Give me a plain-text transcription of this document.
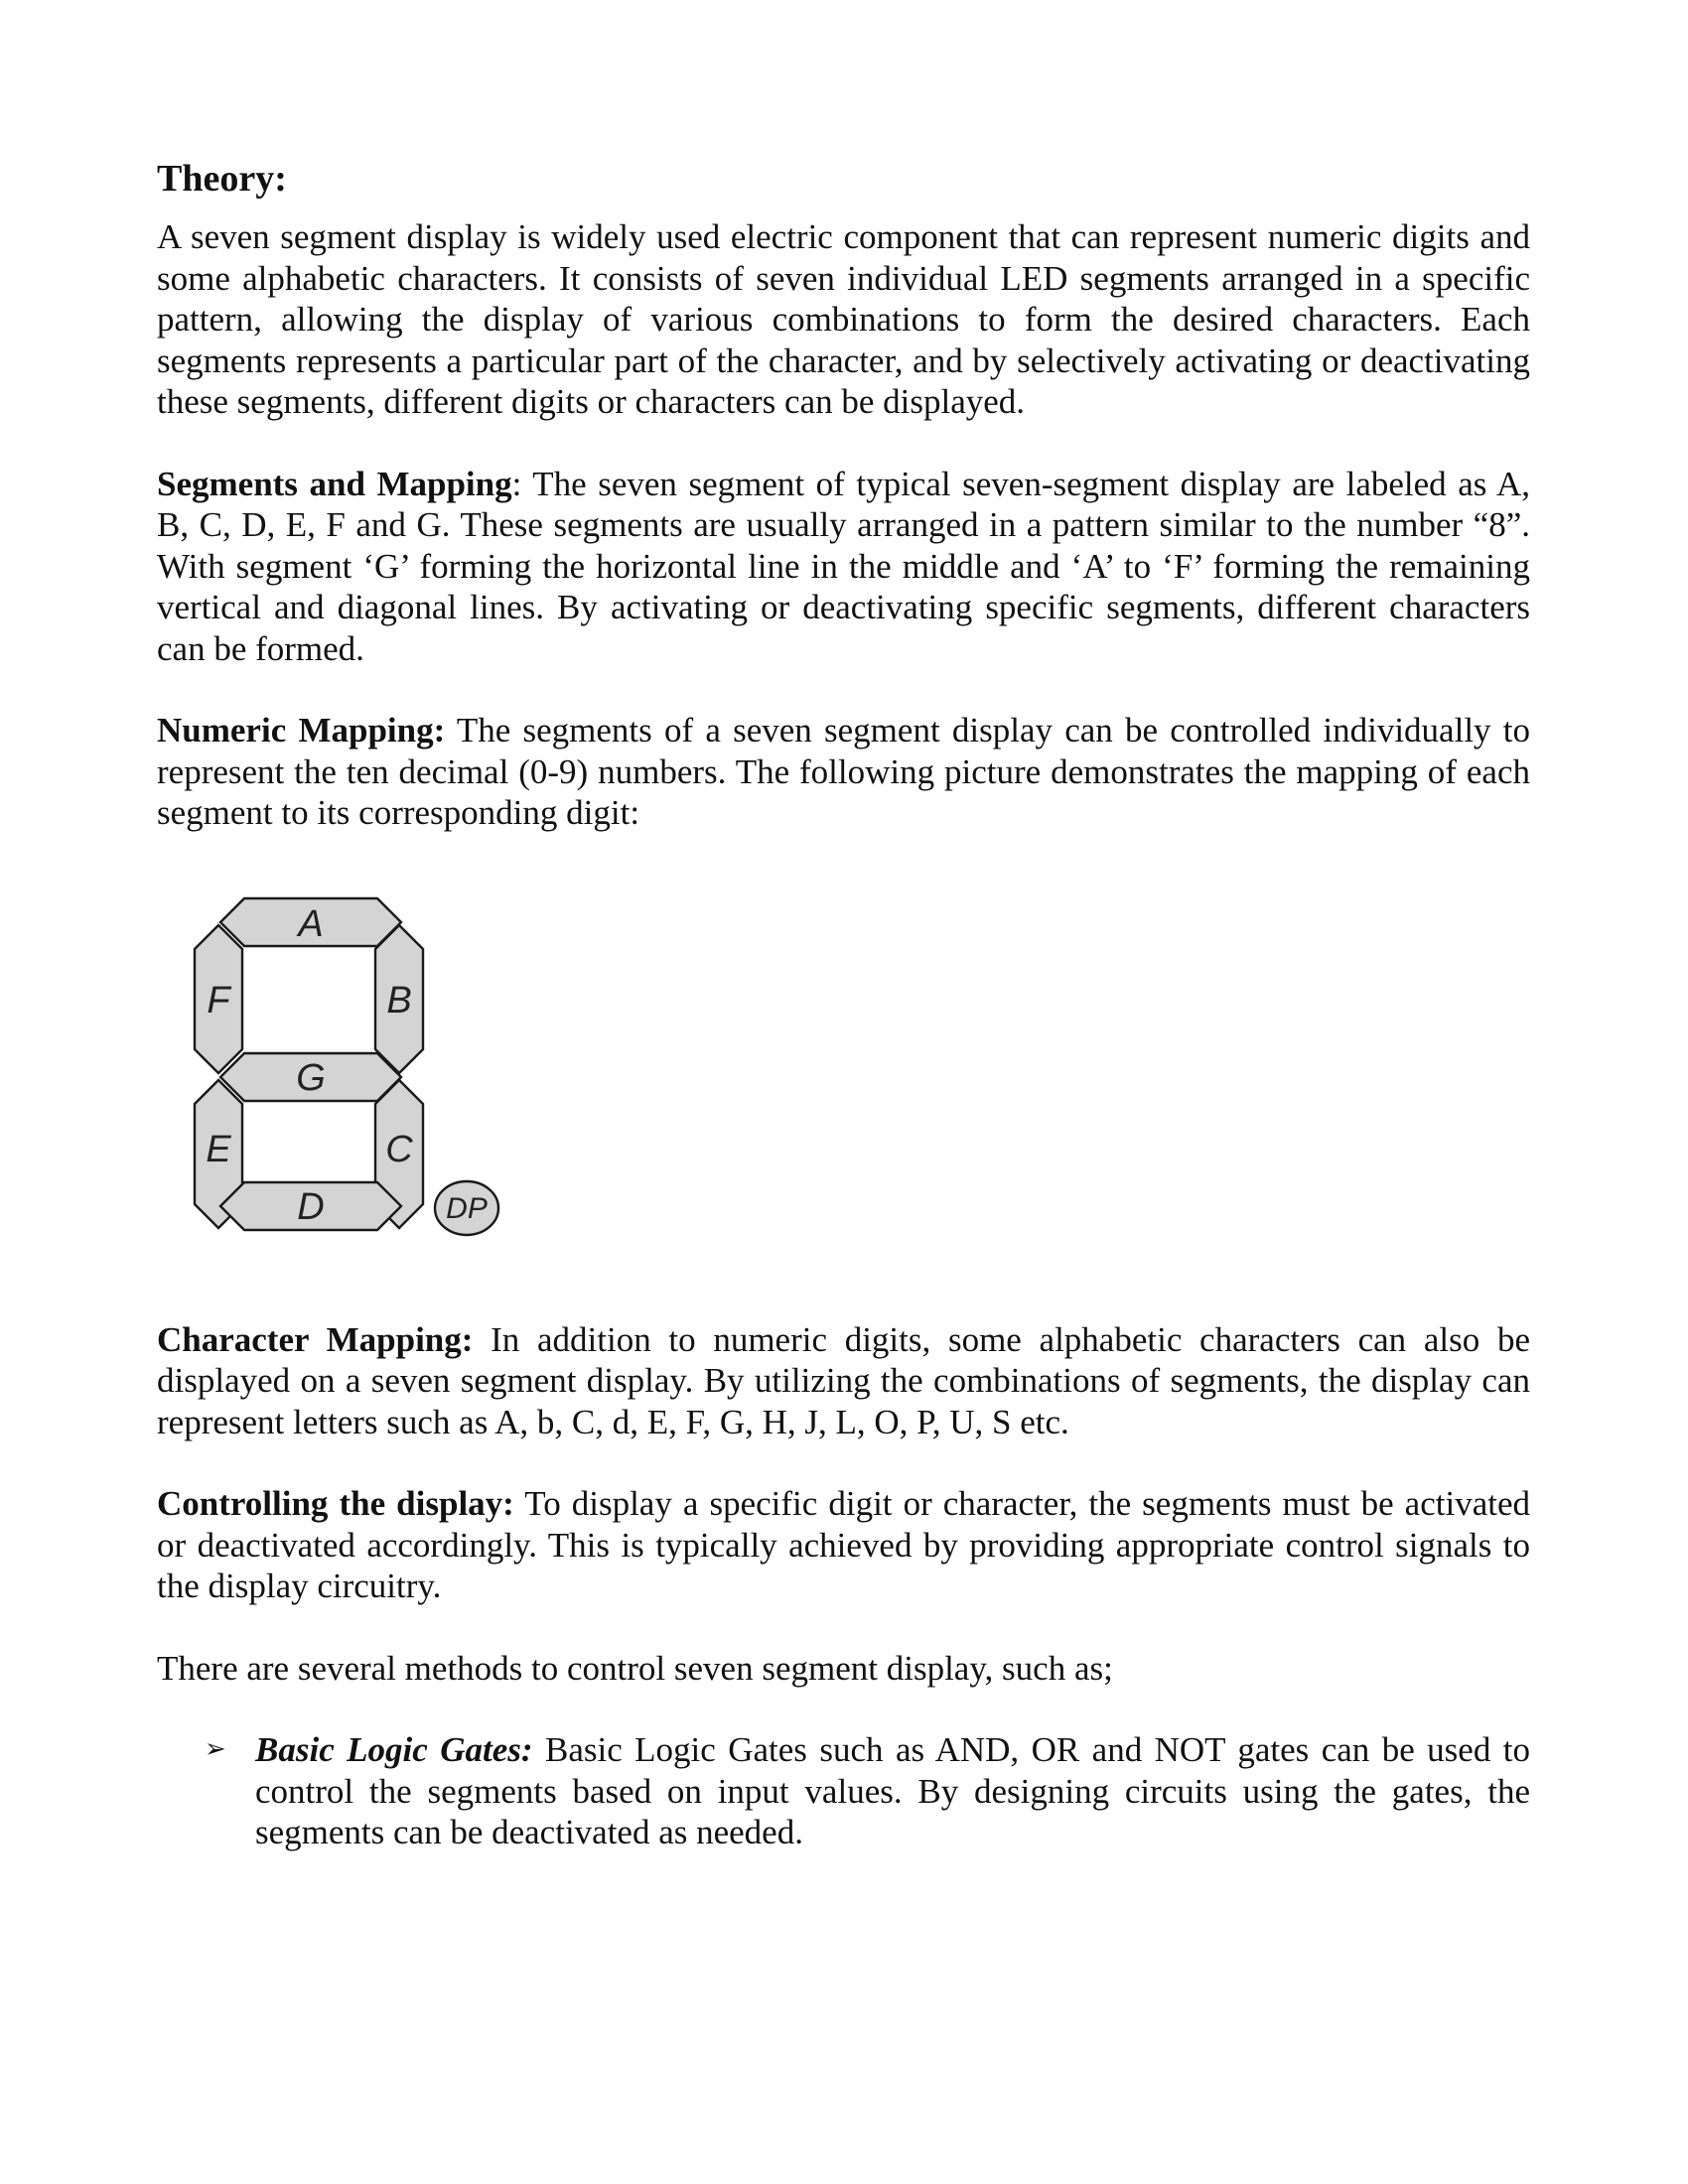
Theory:

A seven segment display is widely used electric component that can represent numeric digits and some alphabetic characters. It consists of seven individual LED segments arranged in a specific pattern, allowing the display of various combinations to form the desired characters. Each segments represents a particular part of the character, and by selectively activating or deactivating these segments, different digits or characters can be displayed.

Segments and Mapping: The seven segment of typical seven-segment display are labeled as A, B, C, D, E, F and G. These segments are usually arranged in a pattern similar to the number “8”. With segment ‘G’ forming the horizontal line in the middle and ‘A’ to ‘F’ forming the remaining vertical and diagonal lines. By activating or deactivating specific segments, different characters can be formed.

Numeric Mapping: The segments of a seven segment display can be controlled individually to represent the ten decimal (0-9) numbers. The following picture demonstrates the mapping of each segment to its corresponding digit:

A
F	B
G
E	C
D	DP

Character Mapping: In addition to numeric digits, some alphabetic characters can also be displayed on a seven segment display. By utilizing the combinations of segments, the display can represent letters such as A, b, C, d, E, F, G, H, J, L, O, P, U, S etc.

Controlling the display: To display a specific digit or character, the segments must be activated or deactivated accordingly. This is typically achieved by providing appropriate control signals to the display circuitry.

There are several methods to control seven segment display, such as;

➢ Basic Logic Gates: Basic Logic Gates such as AND, OR and NOT gates can be used to control the segments based on input values. By designing circuits using the gates, the segments can be deactivated as needed.
